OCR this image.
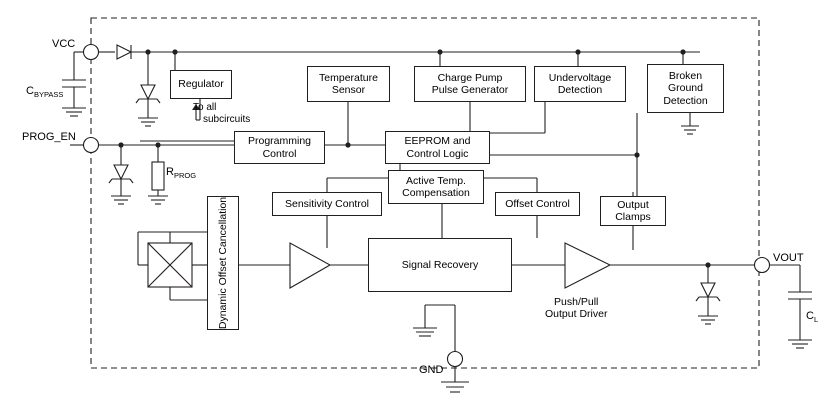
Regulator
Temperature
Sensor
Charge Pump
Pulse Generator
Undervoltage
Detection
Broken
Ground
Detection
Programming
Control
EEPROM and
Control Logic
Active Temp.
Compensation
Sensitivity Control	Offset Control	Output
Clamps
Signal Recovery
Dynamic Offset Cancellation
VCC
PROG_EN
VOUT
GND
$C_{BYPASS}$
$R_{PROG}$
$C_L$
To all
subcircuits
Push/Pull
Output Driver
